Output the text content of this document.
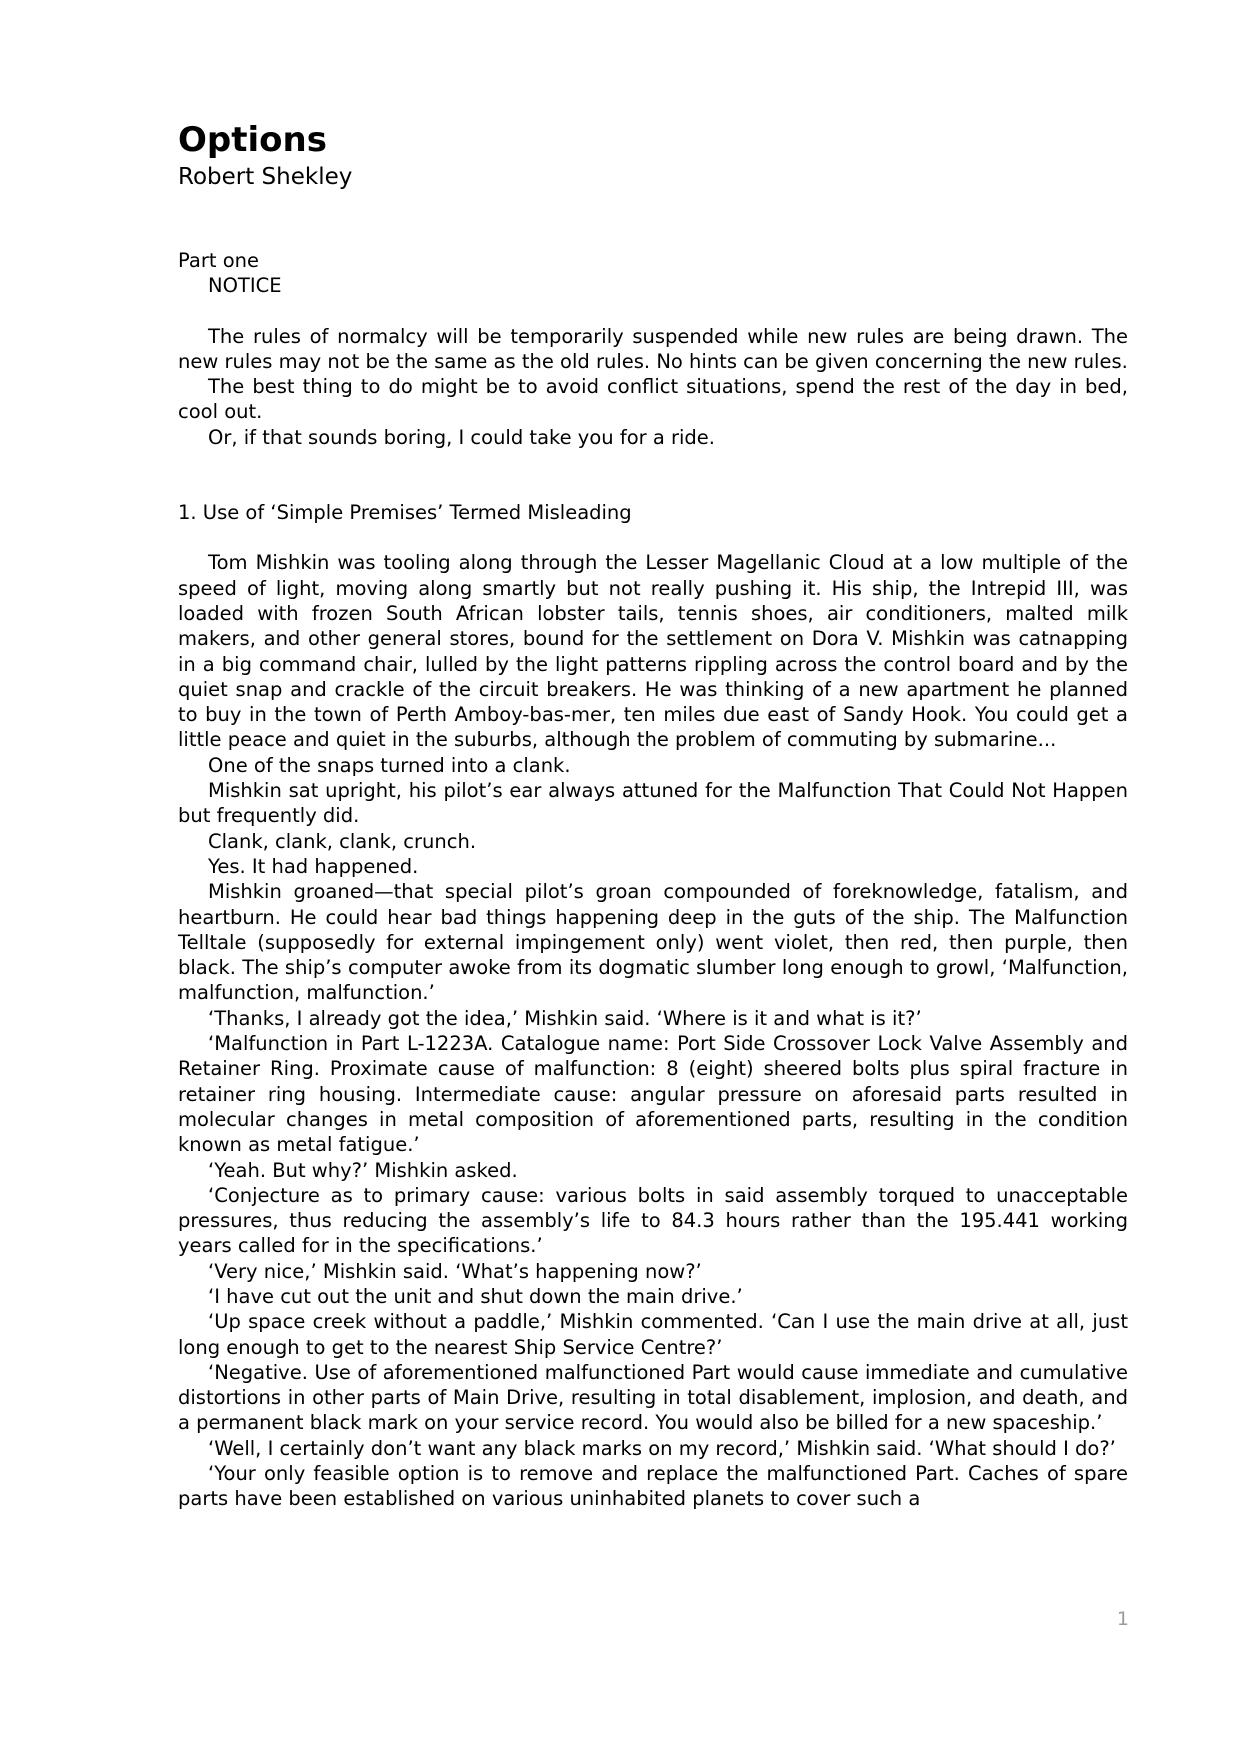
Options
Robert Shekley

Part one

NOTICE

The rules of normalcy will be temporarily suspended while new rules are being drawn. The new rules may not be the same as the old rules. No hints can be given concerning the new rules.

The best thing to do might be to avoid conflict situations, spend the rest of the day in bed, cool out.

Or, if that sounds boring, I could take you for a ride.

1. Use of ‘Simple Premises’ Termed Misleading

Tom Mishkin was tooling along through the Lesser Magellanic Cloud at a low multiple of the speed of light, moving along smartly but not really pushing it. His ship, the Intrepid III, was loaded with frozen South African lobster tails, tennis shoes, air conditioners, malted milk makers, and other general stores, bound for the settlement on Dora V. Mishkin was catnapping in a big command chair, lulled by the light patterns rippling across the control board and by the quiet snap and crackle of the circuit breakers. He was thinking of a new apartment he planned to buy in the town of Perth Amboy-bas-mer, ten miles due east of Sandy Hook. You could get a little peace and quiet in the suburbs, although the problem of commuting by submarine...

One of the snaps turned into a clank.

Mishkin sat upright, his pilot’s ear always attuned for the Malfunction That Could Not Happen but frequently did.

Clank, clank, clank, crunch.

Yes. It had happened.

Mishkin groaned—that special pilot’s groan compounded of foreknowledge, fatalism, and heartburn. He could hear bad things happening deep in the guts of the ship. The Malfunction Telltale (supposedly for external impingement only) went violet, then red, then purple, then black. The ship’s computer awoke from its dogmatic slumber long enough to growl, ‘Malfunction, malfunction, malfunction.’

‘Thanks, I already got the idea,’ Mishkin said. ‘Where is it and what is it?’

‘Malfunction in Part L-1223A. Catalogue name: Port Side Crossover Lock Valve Assembly and Retainer Ring. Proximate cause of malfunction: 8 (eight) sheered bolts plus spiral fracture in retainer ring housing. Intermediate cause: angular pressure on aforesaid parts resulted in molecular changes in metal composition of aforementioned parts, resulting in the condition known as metal fatigue.’

‘Yeah. But why?’ Mishkin asked.

‘Conjecture as to primary cause: various bolts in said assembly torqued to unacceptable pressures, thus reducing the assembly’s life to 84.3 hours rather than the 195.441 working years called for in the specifications.’

‘Very nice,’ Mishkin said. ‘What’s happening now?’

‘I have cut out the unit and shut down the main drive.’

‘Up space creek without a paddle,’ Mishkin commented. ‘Can I use the main drive at all, just long enough to get to the nearest Ship Service Centre?’

‘Negative. Use of aforementioned malfunctioned Part would cause immediate and cumulative distortions in other parts of Main Drive, resulting in total disablement, implosion, and death, and a permanent black mark on your service record. You would also be billed for a new spaceship.’

‘Well, I certainly don’t want any black marks on my record,’ Mishkin said. ‘What should I do?’

‘Your only feasible option is to remove and replace the malfunctioned Part. Caches of spare parts have been established on various uninhabited planets to cover such a

1
